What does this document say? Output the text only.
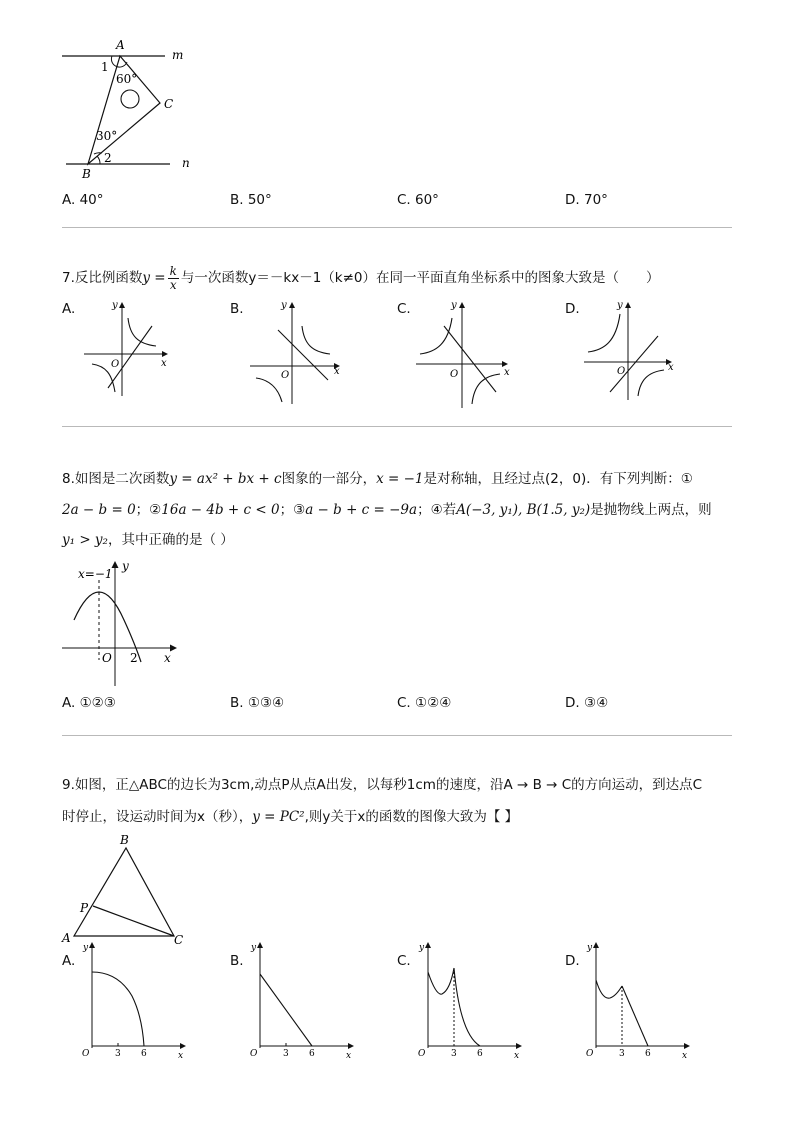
A
m
1
60°
C
30°
2
B
n
A. 40°	B. 50°	C. 60°	D. 70°
7.反比例函数$y = \frac{k}{x}$ 与一次函数y＝－kx－1（k≠0）在同一平面直角坐标系中的图象大致是（　　）
A.	B.	C.	D.
y
x
O
y
x
O
y
x
O
y
x
O
8.如图是二次函数y = ax² + bx + c图象的一部分，x = −1是对称轴，且经过点(2，0)．有下列判断：①
2a − b = 0；②16a − 4b + c < 0；③a − b + c = −9a；④若A(−3, y₁), B(1.5, y₂)是抛物线上两点，则
y₁ > y₂，其中正确的是（ ）
x=−1
y
O 2 x
A. ①②③	B. ①③④	C. ①②④	D. ③④
9.如图，正△ABC的边长为3cm,动点P从点A出发，以每秒1cm的速度，沿A → B → C的方向运动，到达点C
时停止，设运动时间为x（秒），y = PC²,则y关于x的函数的图像大致为【 】
B
P
A	C
A.	B.	C.	D.
y
O	3 6	x
y
O	3 6	x
y
O	3 6	x
y
O	3 6	x
